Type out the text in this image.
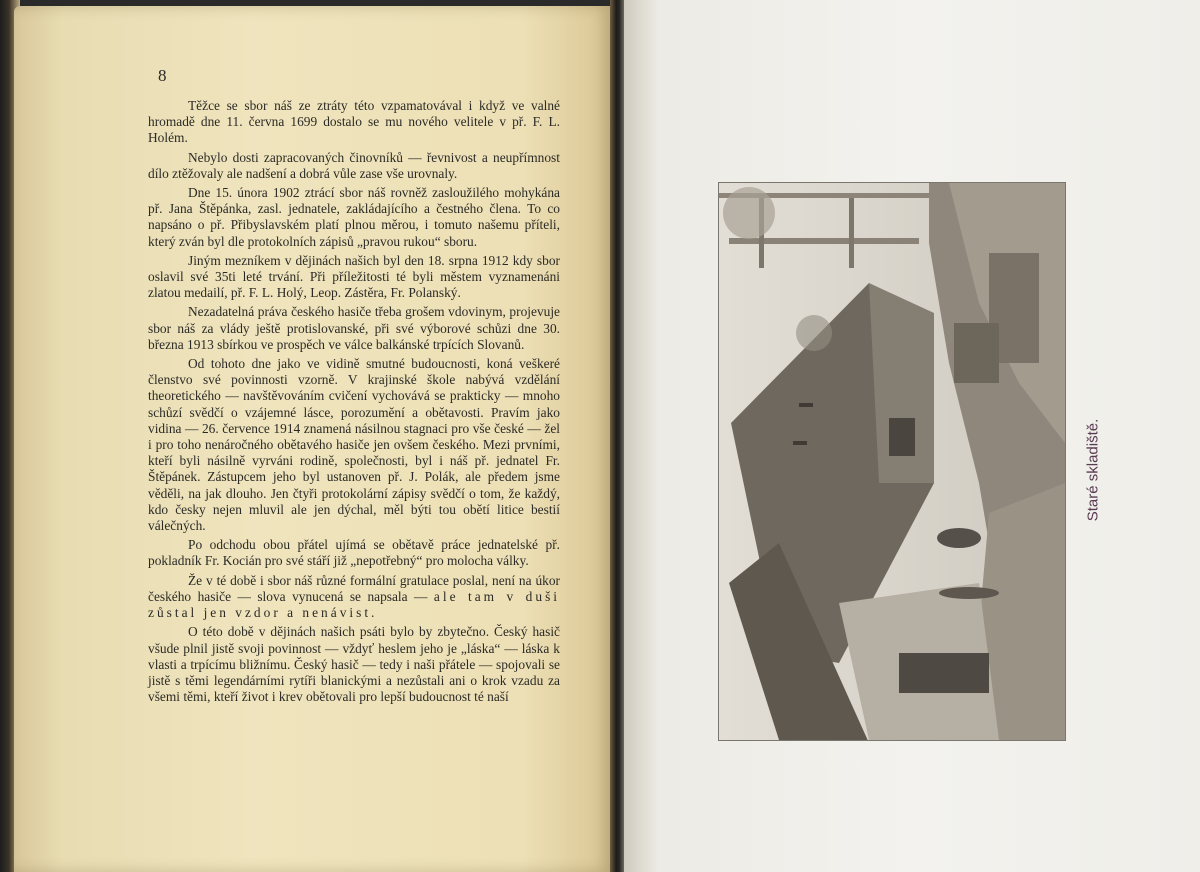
8

Těžce se sbor náš ze ztráty této vzpamatovával i když ve valné hromadě dne 11. června 1699 dostalo se mu nového velitele v př. F. L. Holém.

Nebylo dosti zapracovaných činovníků — řevnivost a neupřímnost dílo ztěžovaly ale nadšení a dobrá vůle zase vše urovnaly.

Dne 15. února 1902 ztrácí sbor náš rovněž zasloužilého mohykána př. Jana Štěpánka, zasl. jednatele, zakládajícího a čestného člena. To co napsáno o př. Přibyslavském platí plnou měrou, i tomuto našemu příteli, který zván byl dle protokolních zápisů „pravou rukou“ sboru.

Jiným mezníkem v dějinách našich byl den 18. srpna 1912 kdy sbor oslavil své 35ti leté trvání. Při příležitosti té byli městem vyznamenáni zlatou medailí, př. F. L. Holý, Leop. Zástěra, Fr. Polanský.

Nezadatelná práva českého hasiče třeba grošem vdovinym, projevuje sbor náš za vlády ještě protislovanské, při své výborové schůzi dne 30. března 1913 sbírkou ve prospěch ve válce balkánské trpících Slovanů.

Od tohoto dne jako ve vidině smutné budoucnosti, koná veškeré členstvo své povinnosti vzorně. V krajinské škole nabývá vzdělání theoretického — navštěvováním cvičení vychovává se prakticky — mnoho schůzí svědčí o vzájemné lásce, porozumění a obětavosti. Pravím jako vidina — 26. července 1914 znamená násilnou stagnaci pro vše české — žel i pro toho nenáročného obětavého hasiče jen ovšem českého. Mezi prvními, kteří byli násilně vyrváni rodině, společnosti, byl i náš př. jednatel Fr. Štěpánek. Zástupcem jeho byl ustanoven př. J. Polák, ale předem jsme věděli, na jak dlouho. Jen čtyři protokolární zápisy svědčí o tom, že každý, kdo česky nejen mluvil ale jen dýchal, měl býti tou obětí litice bestií válečných.

Po odchodu obou přátel ujímá se obětavě práce jednatelské př. pokladník Fr. Kocián pro své stáří již „nepotřebný“ pro molocha války.

Že v té době i sbor náš různé formální gratulace poslal, není na úkor českého hasiče — slova vynucená se napsala — ale tam v duši zůstal jen vzdor a nenávist.

O této době v dějinách našich psáti bylo by zbytečno. Český hasič všude plnil jistě svoji povinnost — vždyť heslem jeho je „láska“ — láska k vlasti a trpícímu bližnímu. Český hasič — tedy i naši přátele — spojovali se jistě s těmi legendárními rytíři blanickými a nezůstali ani o krok vzadu za všemi těmi, kteří život i krev obětovali pro lepší budoucnost té naší

Staré skladiště.
